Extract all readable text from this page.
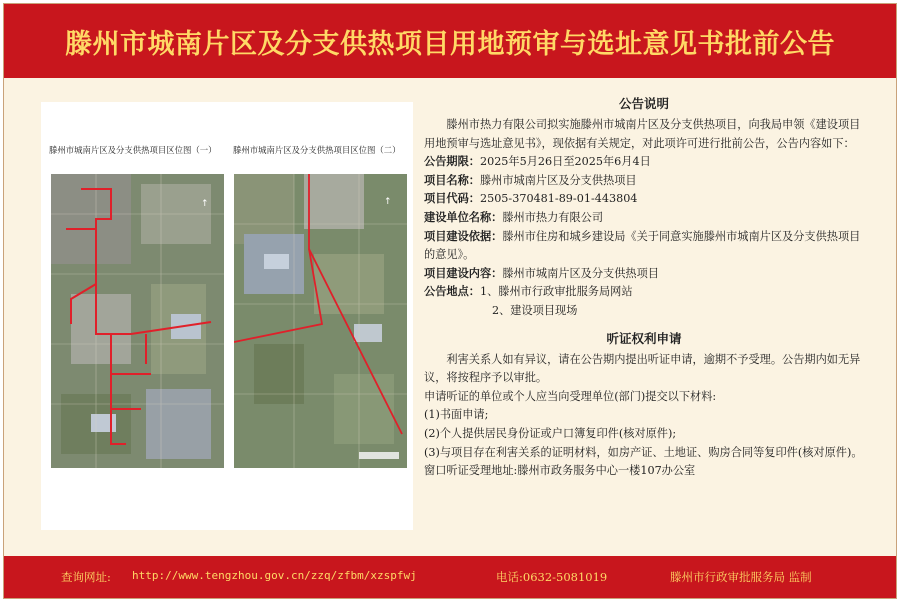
滕州市城南片区及分支供热项目用地预审与选址意见书批前公告
滕州市城南片区及分支供热项目区位图（一） 滕州市城南片区及分支供热项目区位图（二）
↑	↑
公告说明
滕州市热力有限公司拟实施滕州市城南片区及分支供热项目，向我局申领《建设项目用地预审与选址意见书》，现依据有关规定，对此项许可进行批前公告，公告内容如下：
公告期限：2025年5月26日至2025年6月4日
项目名称：滕州市城南片区及分支供热项目
项目代码：2505-370481-89-01-443804
建设单位名称：滕州市热力有限公司
项目建设依据：滕州市住房和城乡建设局《关于同意实施滕州市城南片区及分支供热项目的意见》。
项目建设内容：滕州市城南片区及分支供热项目
公告地点：1、滕州市行政审批服务局网站
2、建设项目现场
听证权利申请
利害关系人如有异议，请在公告期内提出听证申请，逾期不予受理。公告期内如无异议，将按程序予以审批。
申请听证的单位或个人应当向受理单位(部门)提交以下材料:
(1)书面申请;
(2)个人提供居民身份证或户口簿复印件(核对原件);
(3)与项目存在利害关系的证明材料，如房产证、土地证、购房合同等复印件(核对原件)。
窗口听证受理地址:滕州市政务服务中心一楼107办公室
查询网址: http://www.tengzhou.gov.cn/zzq/zfbm/xzspfwj	电话:0632-5081019	滕州市行政审批服务局 监制
